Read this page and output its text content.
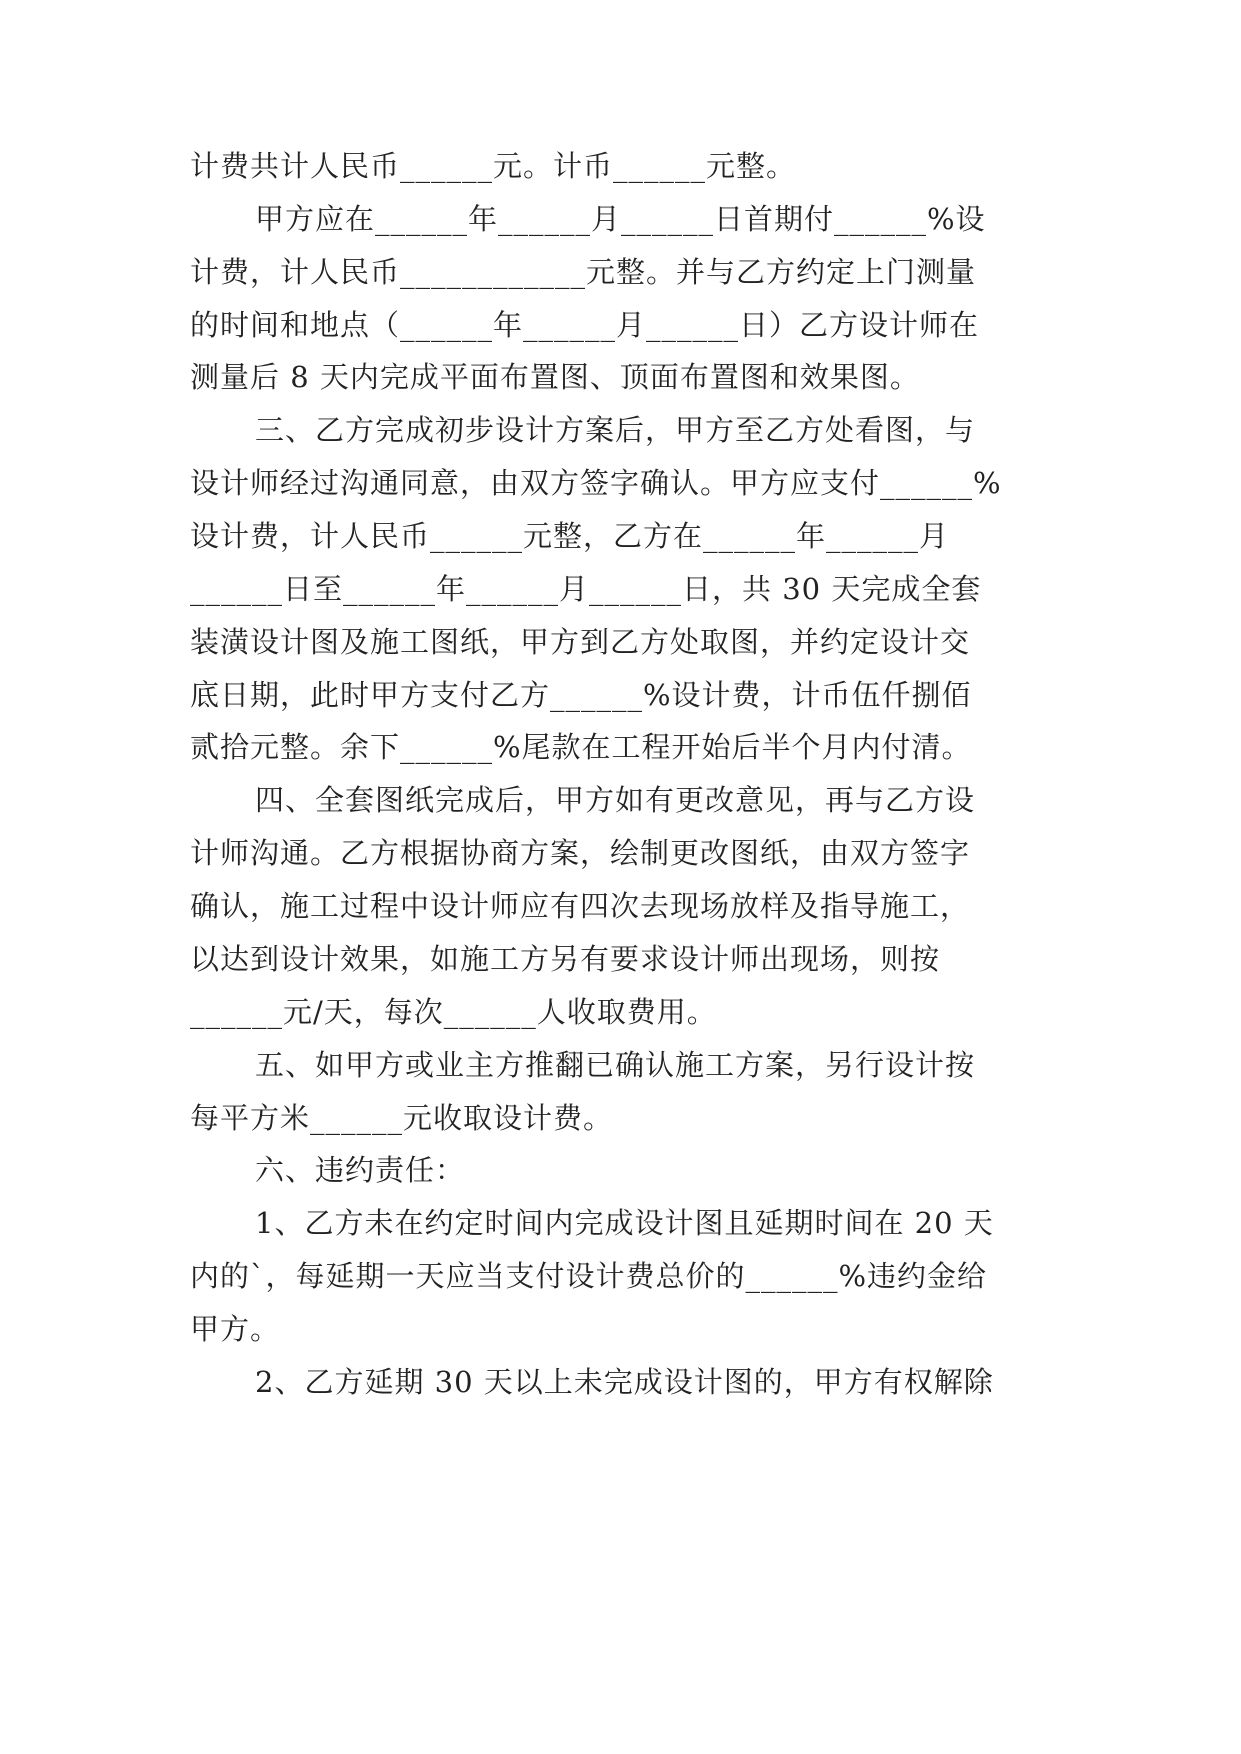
计费共计人民币______元。计币______元整。
甲方应在______年______月______日首期付______%设
计费，计人民币____________元整。并与乙方约定上门测量
的时间和地点（______年______月______日）乙方设计师在
测量后 8 天内完成平面布置图、顶面布置图和效果图。
三、乙方完成初步设计方案后，甲方至乙方处看图，与
设计师经过沟通同意，由双方签字确认。甲方应支付______%
设计费，计人民币______元整，乙方在______年______月
______日至______年______月______日，共 30 天完成全套
装潢设计图及施工图纸，甲方到乙方处取图，并约定设计交
底日期，此时甲方支付乙方______%设计费，计币伍仟捌佰
贰拾元整。余下______%尾款在工程开始后半个月内付清。
四、全套图纸完成后，甲方如有更改意见，再与乙方设
计师沟通。乙方根据协商方案，绘制更改图纸，由双方签字
确认，施工过程中设计师应有四次去现场放样及指导施工，
以达到设计效果，如施工方另有要求设计师出现场，则按
______元/天，每次______人收取费用。
五、如甲方或业主方推翻已确认施工方案，另行设计按
每平方米______元收取设计费。
六、违约责任：
1、乙方未在约定时间内完成设计图且延期时间在 20 天
内的`，每延期一天应当支付设计费总价的______%违约金给
甲方。
2、乙方延期 30 天以上未完成设计图的，甲方有权解除
